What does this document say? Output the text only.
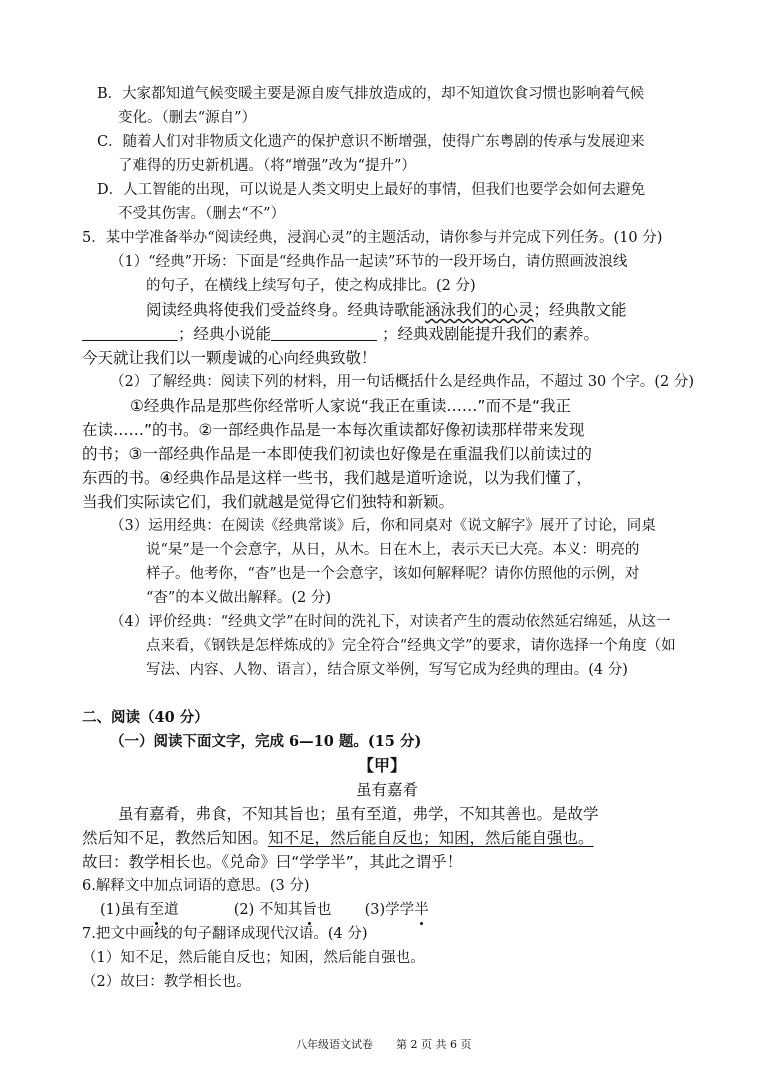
B．大家都知道气候变暖主要是源自废气排放造成的，却不知道饮食习惯也影响着气候
变化。（删去“源自”）
C．随着人们对非物质文化遗产的保护意识不断增强，使得广东粤剧的传承与发展迎来
了难得的历史新机遇。（将“增强”改为“提升”）
D．人工智能的出现，可以说是人类文明史上最好的事情，但我们也要学会如何去避免
不受其伤害。（删去“不”）
5．某中学准备举办“阅读经典，浸润心灵”的主题活动，请你参与并完成下列任务。(10 分)
（1）“经典”开场：下面是“经典作品一起读”环节的一段开场白，请仿照画波浪线
的句子，在横线上续写句子，使之构成排比。(2 分)
阅读经典将使我们受益终身。经典诗歌能涵泳我们的心灵；经典散文能
；经典小说能	；经典戏剧能提升我们的素养。
今天就让我们以一颗虔诚的心向经典致敬！
（2）了解经典：阅读下列的材料，用一句话概括什么是经典作品，不超过 30 个字。(2 分)
①经典作品是那些你经常听人家说“我正在重读……”而不是“我正
在读……”的书。②一部经典作品是一本每次重读都好像初读那样带来发现
的书；③一部经典作品是一本即使我们初读也好像是在重温我们以前读过的
东西的书。④经典作品是这样一些书，我们越是道听途说，以为我们懂了，
当我们实际读它们，我们就越是觉得它们独特和新颖。
（3）运用经典：在阅读《经典常谈》后，你和同桌对《说文解字》展开了讨论，同桌
说“杲”是一个会意字，从日，从木。日在木上，表示天已大亮。本义：明亮的
样子。他考你，“杳”也是一个会意字，该如何解释呢？请你仿照他的示例，对
“杳”的本义做出解释。(2 分)
（4）评价经典：“经典文学”在时间的洗礼下，对读者产生的震动依然延宕绵延，从这一
点来看，《钢铁是怎样炼成的》完全符合“经典文学”的要求，请你选择一个角度（如
写法、内容、人物、语言），结合原文举例，写写它成为经典的理由。(4 分)
二、阅读（40 分）
（一）阅读下面文字，完成 6—10 题。(15 分)
【甲】
虽有嘉肴
虽有嘉肴，弗食，不知其旨也；虽有至道，弗学，不知其善也。是故学
然后知不足，教然后知困。知不足，然后能自反也；知困，然后能自强也。
故曰：教学相长也。《兑命》曰“学学半”，其此之谓乎！
6.解释文中加点词语的意思。(3 分)
(1)虽有至道	(2) 不知其旨也 (3)学学半
7.把文中画线的句子翻译成现代汉语。(4 分)
（1）知不足，然后能自反也；知困，然后能自强也。
（2）故曰：教学相长也。
八年级语文试卷 第 2 页 共 6 页
